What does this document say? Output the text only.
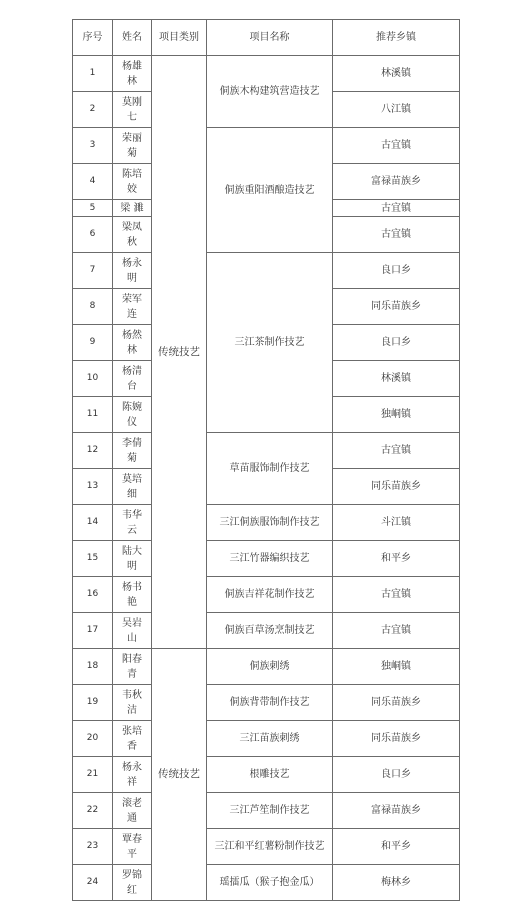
序号	姓名	项目类别	项目名称	推荐乡镇
1	杨雄林	传统技艺	侗族木构建筑营造技艺	林溪镇
2	莫刚七			八江镇
3	荣丽菊		侗族重阳酒酿造技艺	古宜镇
4	陈培姣			富禄苗族乡
5	梁 濉			古宜镇
6	梁凤秋			古宜镇
7	杨永明		三江茶制作技艺	良口乡
8	荣军连			同乐苗族乡
9	杨然林			良口乡
10	杨清台			林溪镇
11	陈婉仪			独峒镇
12	李倩菊		草苗服饰制作技艺	古宜镇
13	莫培细			同乐苗族乡
14	韦华云		三江侗族服饰制作技艺	斗江镇
15	陆大明		三江竹器编织技艺	和平乡
16	杨书艳		侗族吉祥花制作技艺	古宜镇
17	吴岩山		侗族百草汤烹制技艺	古宜镇
18	阳春青	传统技艺	侗族刺绣	独峒镇
19	韦秋洁		侗族背带制作技艺	同乐苗族乡
20	张培香		三江苗族刺绣	同乐苗族乡
21	杨永祥		根雕技艺	良口乡
22	滚老通		三江芦笙制作技艺	富禄苗族乡
23	覃春平		三江和平红薯粉制作技艺	和平乡
24	罗锦红		瑶擂瓜（猴子抱金瓜）	梅林乡
